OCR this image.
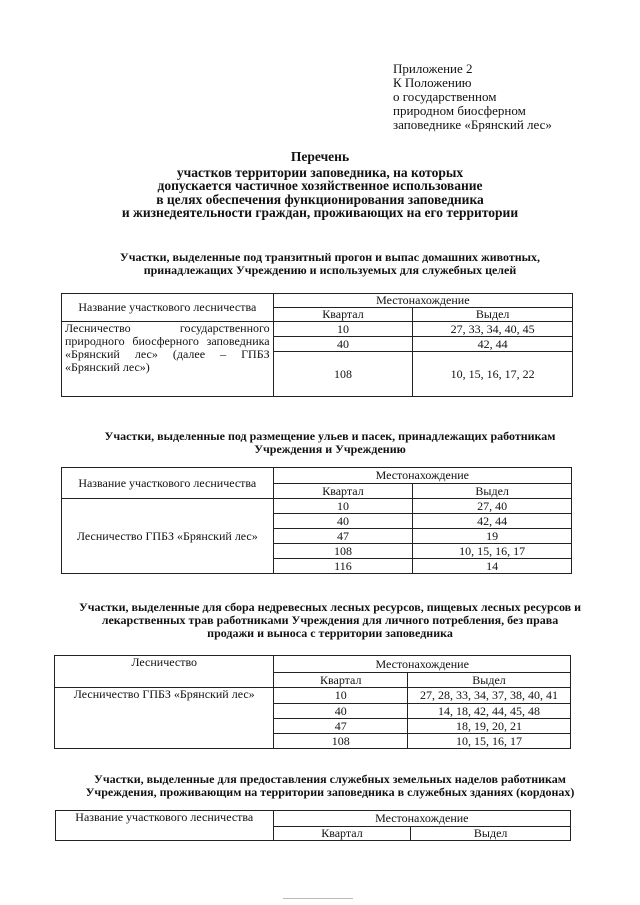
Приложение 2
К Положению
о государственном
природном биосферном
заповеднике «Брянский лес»
Перечень
участков территории заповедника, на которых
допускается частичное хозяйственное использование
в целях обеспечения функционирования заповедника
и жизнедеятельности граждан, проживающих на его территории
Участки, выделенные под транзитный прогон и выпас домашних животных,
принадлежащих Учреждению и используемых для служебных целей
Название участкового лесничества	Местонахождение	
	Квартал	Выдел

Лесничество государственного природного биосферного заповедника «Брянский лес» (далее – ГПБЗ «Брянский лес»)	10	27, 33, 34, 40, 45
	40	42, 44
	108	10, 15, 16, 17, 22
Участки, выделенные под размещение ульев и пасек, принадлежащих работникам
Учреждения и Учреждению
Название участкового лесничества	Местонахождение	
	Квартал	Выдел
Лесничество ГПБЗ «Брянский лес»	10	27, 40
	40	42, 44
	47	19
	108	10, 15, 16, 17
	116	14
Участки, выделенные для сбора недревесных лесных ресурсов, пищевых лесных ресурсов и
лекарственных трав работниками Учреждения для личного потребления, без права
продажи и выноса с территории заповедника
Лесничество	Местонахождение	
	Квартал	Выдел
Лесничество ГПБЗ «Брянский лес»	10	27, 28, 33, 34, 37, 38, 40, 41
	40	14, 18, 42, 44, 45, 48
	47	18, 19, 20, 21
	108	10, 15, 16, 17
Участки, выделенные для предоставления служебных земельных наделов работникам
Учреждения, проживающим на территории заповедника в служебных зданиях (кордонах)
Название участкового лесничества	Местонахождение	
	Квартал	Выдел
